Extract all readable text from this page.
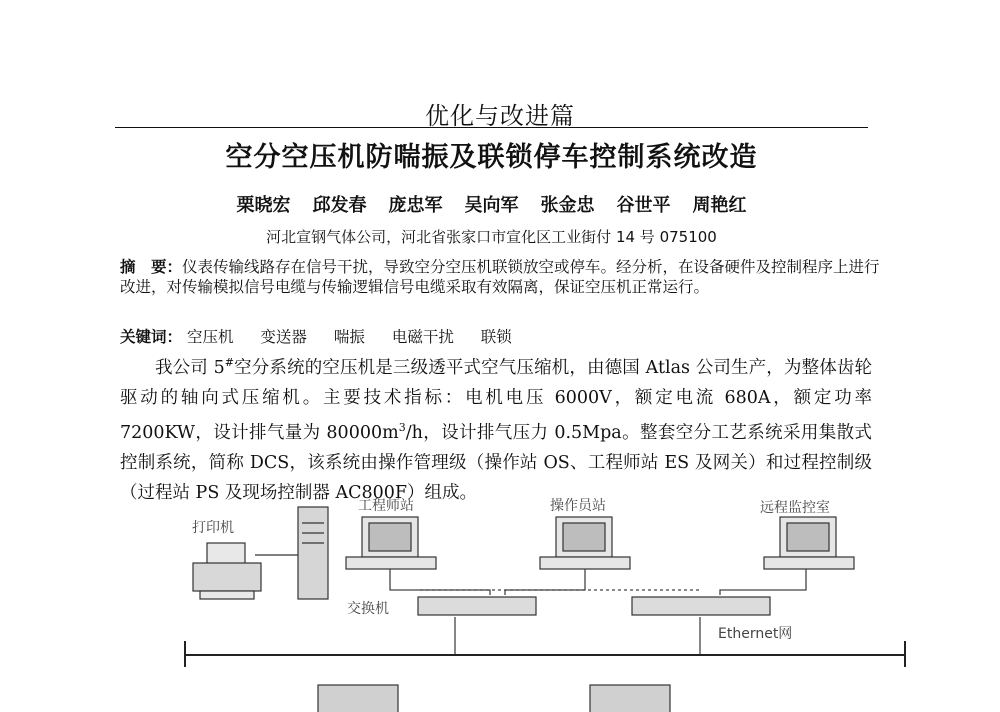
优化与改进篇
空分空压机防喘振及联锁停车控制系统改造
栗晓宏 邱发春 庞忠军 吴向军 张金忠 谷世平 周艳红
河北宣钢气体公司，河北省张家口市宣化区工业街付 14 号 075100
摘　要：仪表传输线路存在信号干扰，导致空分空压机联锁放空或停车。经分析，在设备硬件及控制程序上进行改进，对传输模拟信号电缆与传输逻辑信号电缆采取有效隔离，保证空压机正常运行。
关键词： 空压机 变送器 喘振 电磁干扰 联锁
我公司 5#空分系统的空压机是三级透平式空气压缩机，由德国 Atlas 公司生产，为整体齿轮驱动的轴向式压缩机。主要技术指标：电机电压 6000V，额定电流 680A，额定功率 7200KW，设计排气量为 $80000m^3/h$，设计排气压力 0.5Mpa。整套空分工艺系统采用集散式控制系统，简称 DCS，该系统由操作管理级（操作站 OS、工程师站 ES 及网关）和过程控制级（过程站 PS 及现场控制器 AC800F）组成。
打印机
工程师站	操作员站	远程监控室
交换机
Ethernet网
